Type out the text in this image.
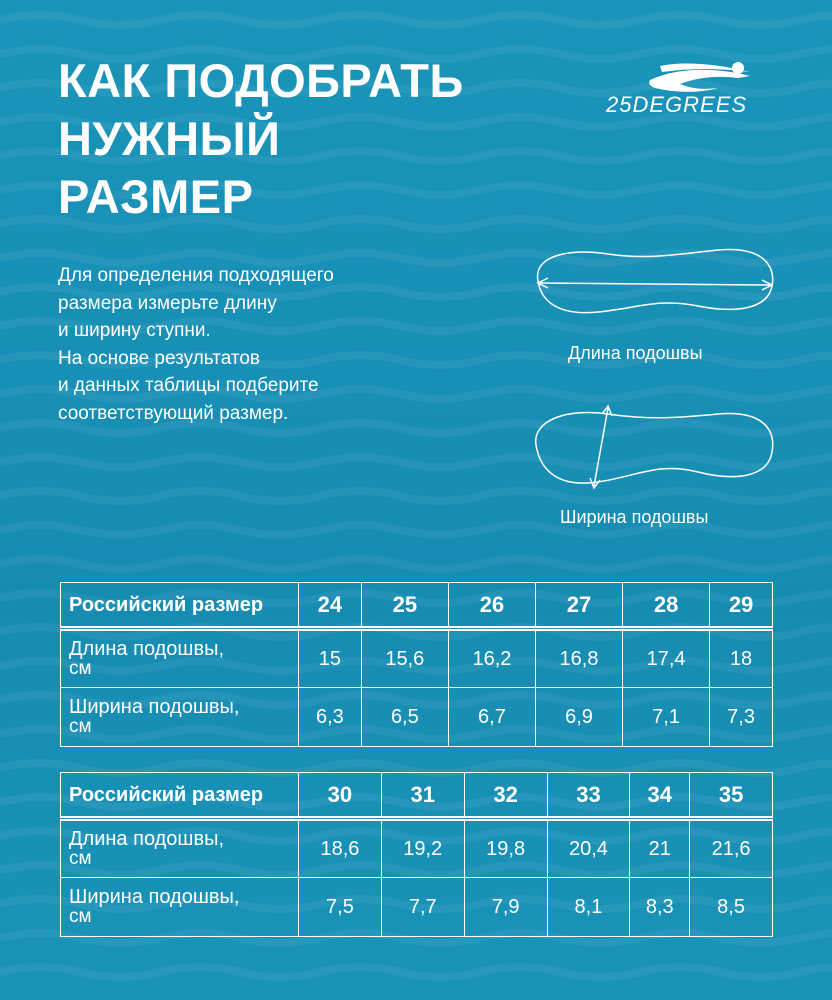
КАК ПОДОБРАТЬ
НУЖНЫЙ
РАЗМЕР
25DEGREES
Для определения подходящего
размера измерьте длину
и ширину ступни.
На основе результатов
и данных таблицы подберите
соответствующий размер.
Длина подошвы
Ширина подошвы
Российский размер	24	25	26	27	28	29
Длина подошвы,
см	15	15,6	16,2	16,8	17,4	18
Ширина подошвы,
см	6,3	6,5	6,7	6,9	7,1	7,3
Российский размер	30	31	32	33	34	35
Длина подошвы,
см	18,6	19,2	19,8	20,4	21	21,6
Ширина подошвы,
см	7,5	7,7	7,9	8,1	8,3	8,5
